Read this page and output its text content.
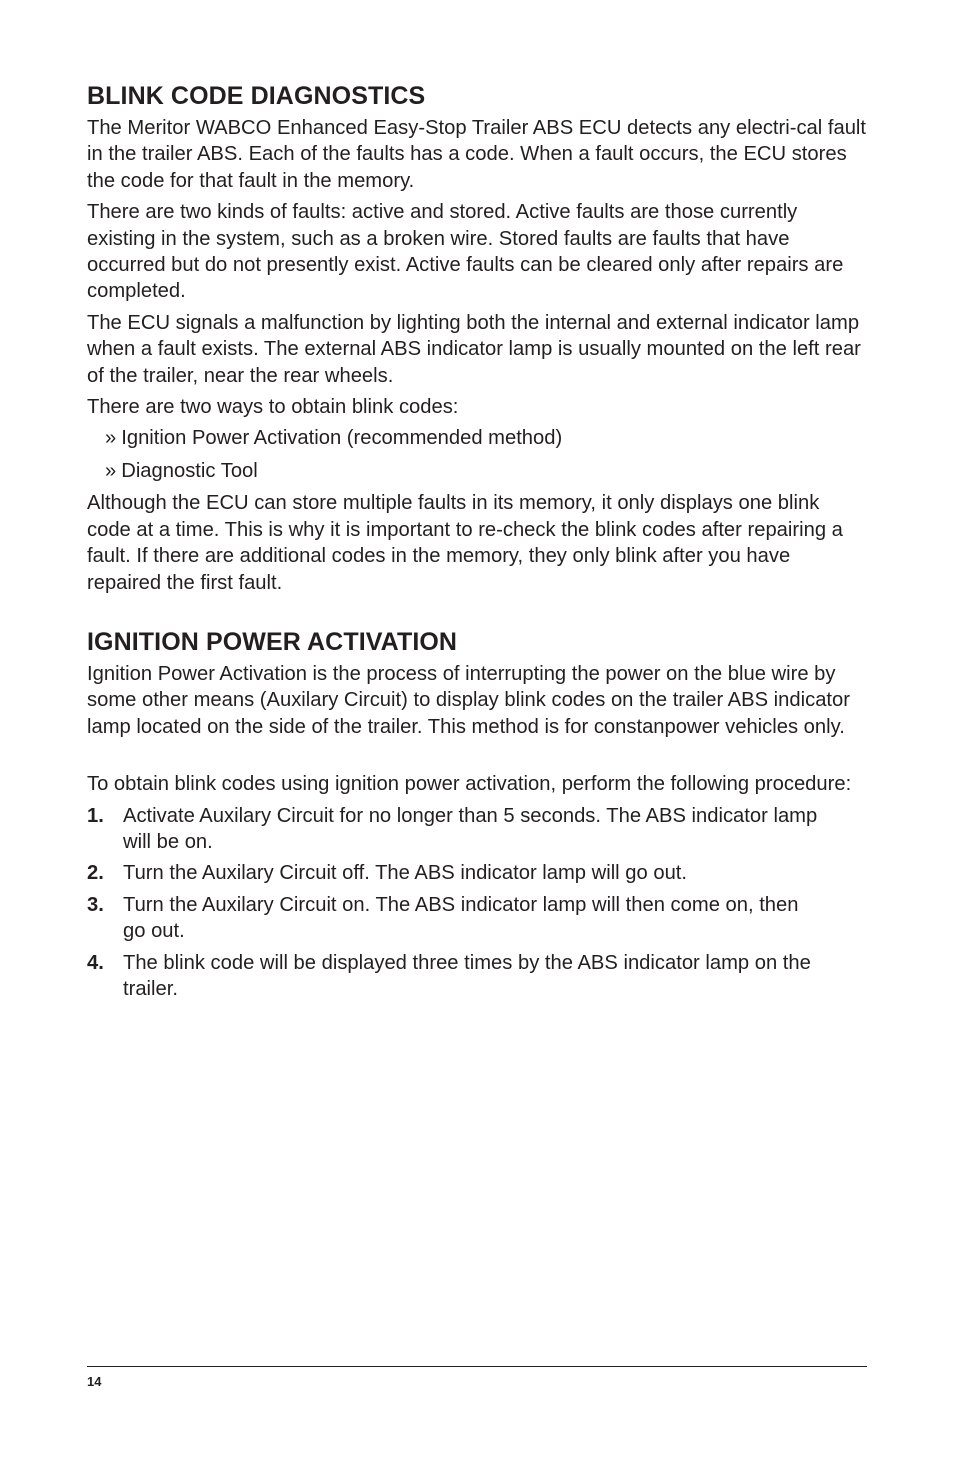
BLINK CODE DIAGNOSTICS

The Meritor WABCO Enhanced Easy-Stop Trailer ABS ECU detects any electri-cal fault in the trailer ABS. Each of the faults has a code. When a fault occurs, the ECU stores the code for that fault in the memory.

There are two kinds of faults: active and stored. Active faults are those currently existing in the system, such as a broken wire. Stored faults are faults that have occurred but do not presently exist. Active faults can be cleared only after repairs are completed.

The ECU signals a malfunction by lighting both the internal and external indicator lamp when a fault exists. The external ABS indicator lamp is usually mounted on the left rear of the trailer, near the rear wheels.

There are two ways to obtain blink codes:

» Ignition Power Activation (recommended method)
» Diagnostic Tool

Although the ECU can store multiple faults in its memory, it only displays one blink code at a time. This is why it is important to re-check the blink codes after repairing a fault. If there are additional codes in the memory, they only blink after you have repaired the first fault.

IGNITION POWER ACTIVATION

Ignition Power Activation is the process of interrupting the power on the blue wire by some other means (Auxilary Circuit) to display blink codes on the trailer ABS indicator lamp located on the side of the trailer. This method is for constanpower vehicles only.

To obtain blink codes using ignition power activation, perform the following procedure:

1. Activate Auxilary Circuit for no longer than 5 seconds. The ABS indicator lamp will be on.
2. Turn the Auxilary Circuit off. The ABS indicator lamp will go out.
3. Turn the Auxilary Circuit on. The ABS indicator lamp will then come on, then go out.
4. The blink code will be displayed three times by the ABS indicator lamp on the trailer.
14
